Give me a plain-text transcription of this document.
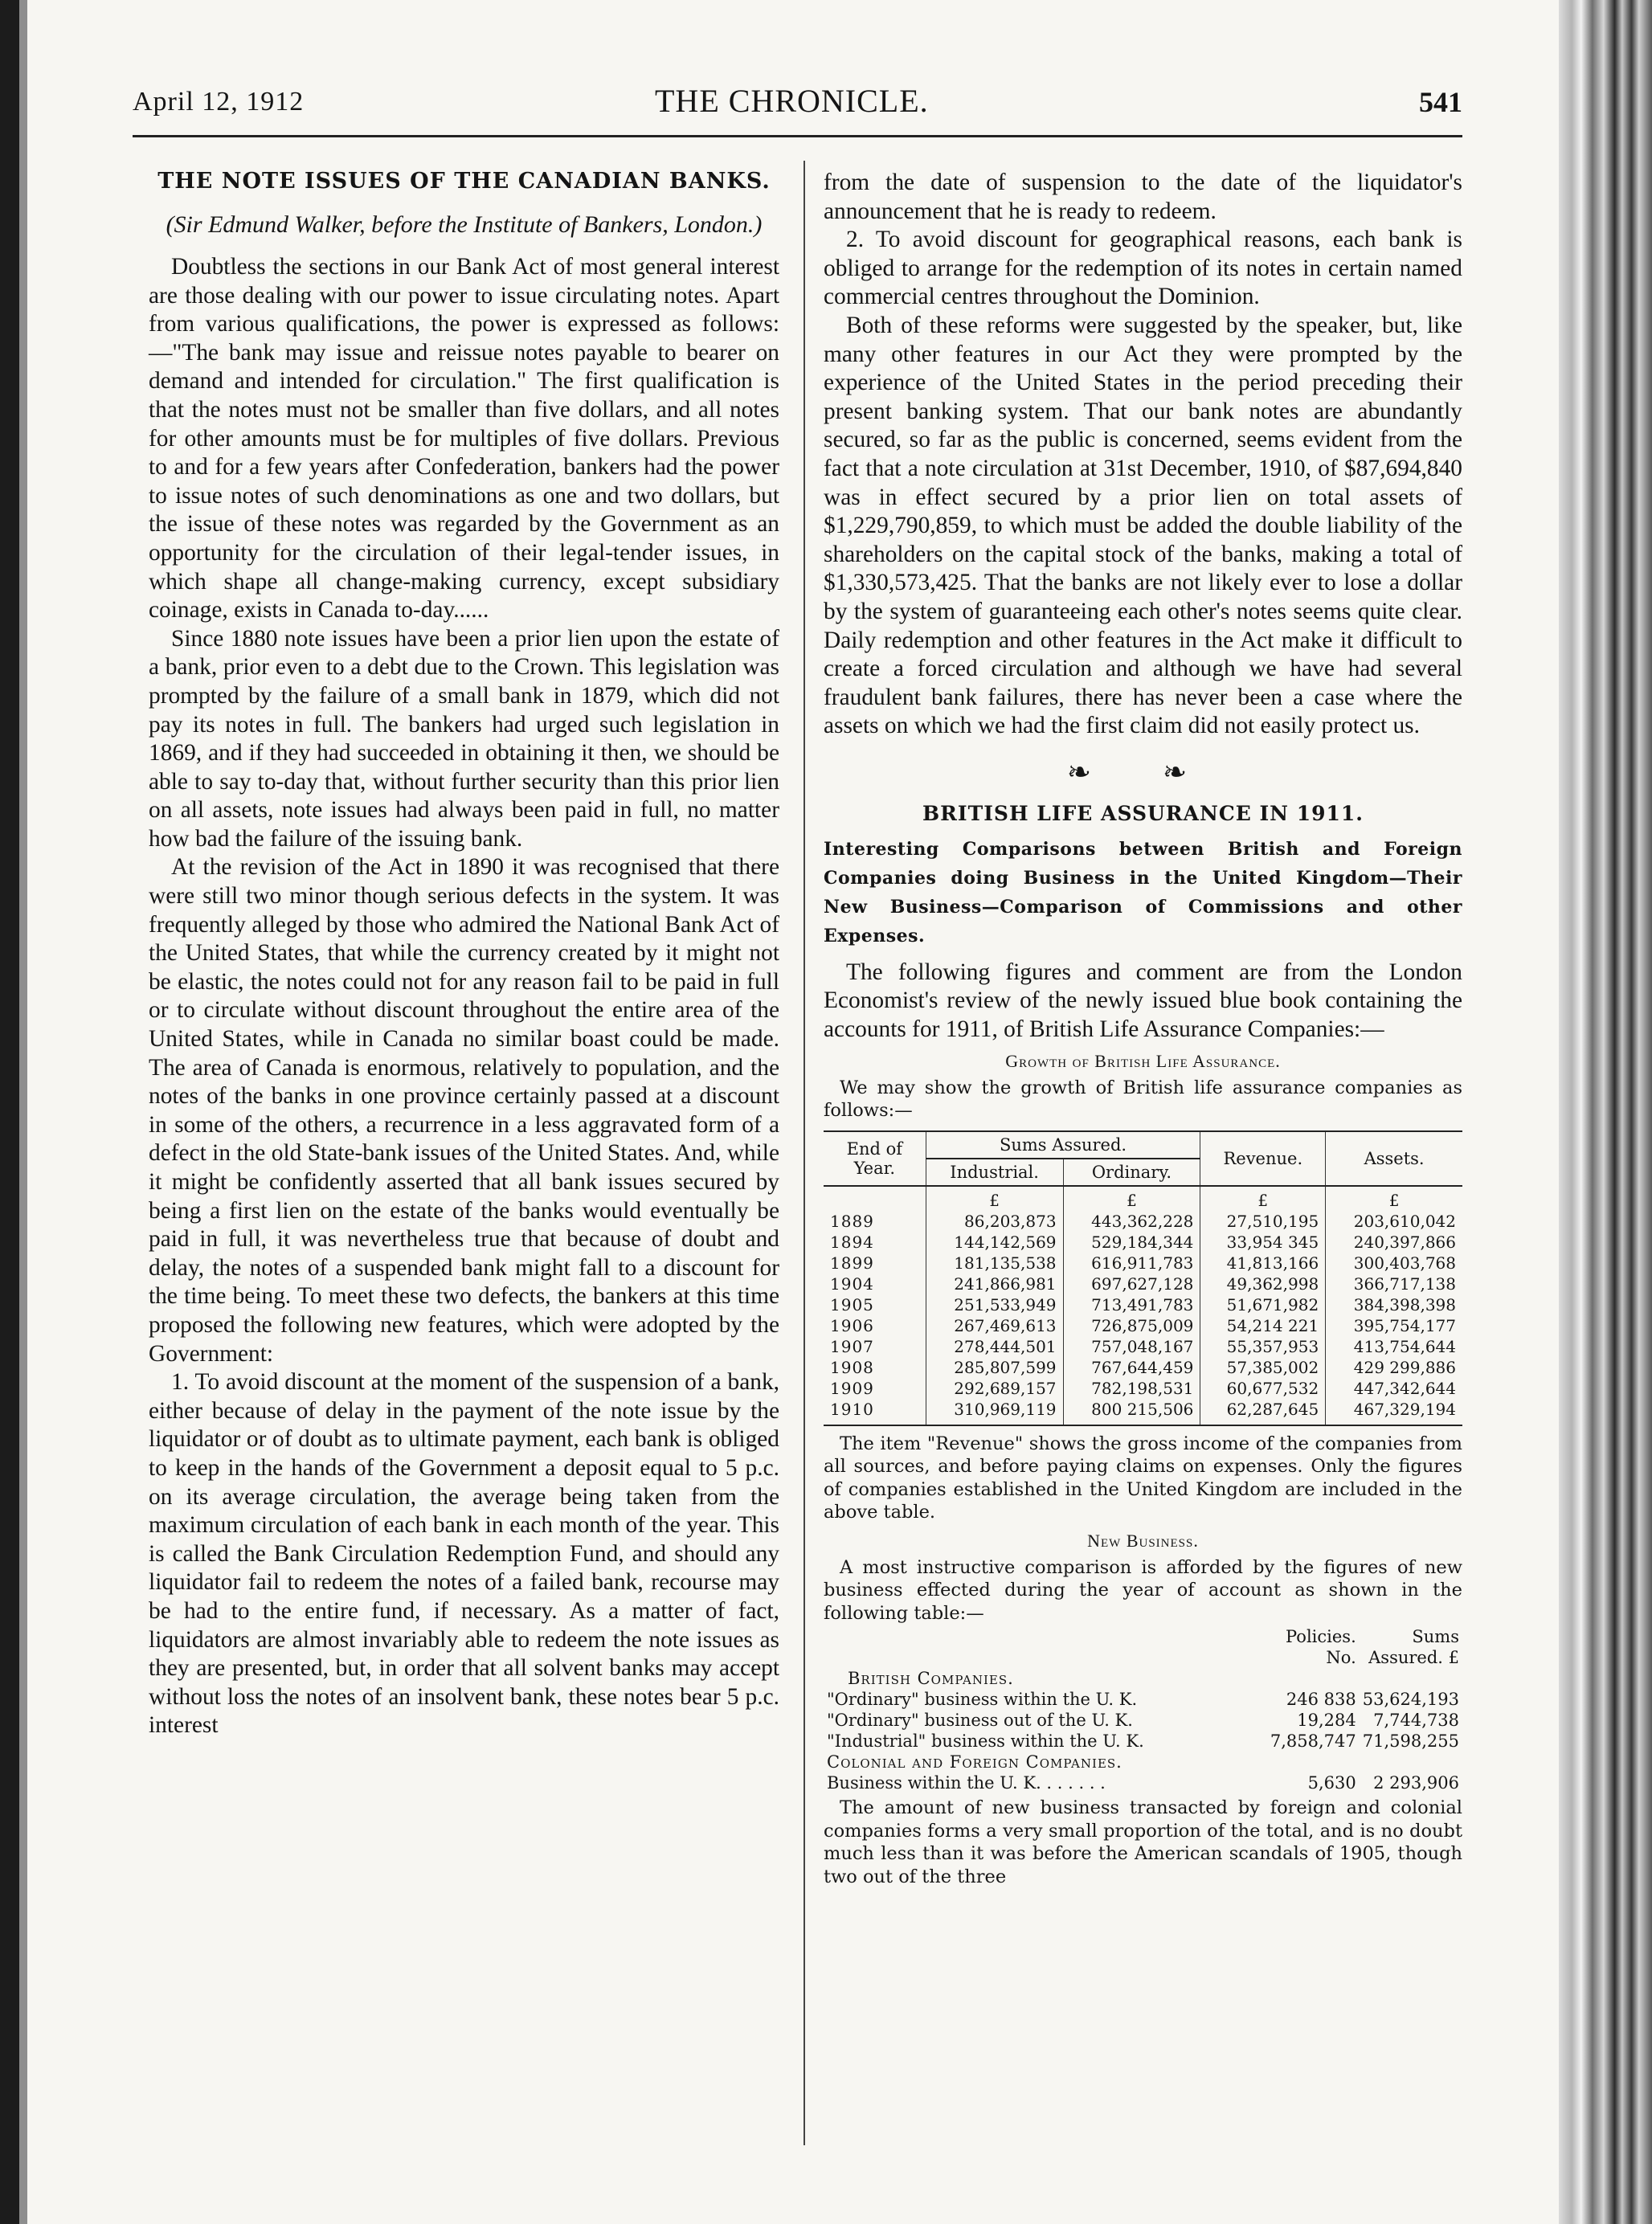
April 12, 1912	THE CHRONICLE.	541
THE NOTE ISSUES OF THE CANADIAN BANKS.
(Sir Edmund Walker, before the Institute of Bankers, London.)

Doubtless the sections in our Bank Act of most general interest are those dealing with our power to issue circulating notes. Apart from various qualifications, the power is expressed as follows:—"The bank may issue and reissue notes payable to bearer on demand and intended for circulation." The first qualification is that the notes must not be smaller than five dollars, and all notes for other amounts must be for multiples of five dollars. Previous to and for a few years after Confederation, bankers had the power to issue notes of such denominations as one and two dollars, but the issue of these notes was regarded by the Government as an opportunity for the circulation of their legal-tender issues, in which shape all change-making currency, except subsidiary coinage, exists in Canada to-day......

Since 1880 note issues have been a prior lien upon the estate of a bank, prior even to a debt due to the Crown. This legislation was prompted by the failure of a small bank in 1879, which did not pay its notes in full. The bankers had urged such legislation in 1869, and if they had succeeded in obtaining it then, we should be able to say to-day that, without further security than this prior lien on all assets, note issues had always been paid in full, no matter how bad the failure of the issuing bank.

At the revision of the Act in 1890 it was recognised that there were still two minor though serious defects in the system. It was frequently alleged by those who admired the National Bank Act of the United States, that while the currency created by it might not be elastic, the notes could not for any reason fail to be paid in full or to circulate without discount throughout the entire area of the United States, while in Canada no similar boast could be made. The area of Canada is enormous, relatively to population, and the notes of the banks in one province certainly passed at a discount in some of the others, a recurrence in a less aggravated form of a defect in the old State-bank issues of the United States. And, while it might be confidently asserted that all bank issues secured by being a first lien on the estate of the banks would eventually be paid in full, it was nevertheless true that because of doubt and delay, the notes of a suspended bank might fall to a discount for the time being. To meet these two defects, the bankers at this time proposed the following new features, which were adopted by the Government:

1. To avoid discount at the moment of the suspension of a bank, either because of delay in the payment of the note issue by the liquidator or of doubt as to ultimate payment, each bank is obliged to keep in the hands of the Government a deposit equal to 5 p.c. on its average circulation, the average being taken from the maximum circulation of each bank in each month of the year. This is called the Bank Circulation Redemption Fund, and should any liquidator fail to redeem the notes of a failed bank, recourse may be had to the entire fund, if necessary. As a matter of fact, liquidators are almost invariably able to redeem the note issues as they are presented, but, in order that all solvent banks may accept without loss the notes of an insolvent bank, these notes bear 5 p.c. interest

from the date of suspension to the date of the liquidator's announcement that he is ready to redeem.

2. To avoid discount for geographical reasons, each bank is obliged to arrange for the redemption of its notes in certain named commercial centres throughout the Dominion.

Both of these reforms were suggested by the speaker, but, like many other features in our Act they were prompted by the experience of the United States in the period preceding their present banking system. That our bank notes are abundantly secured, so far as the public is concerned, seems evident from the fact that a note circulation at 31st December, 1910, of $87,694,840 was in effect secured by a prior lien on total assets of $1,229,790,859, to which must be added the double liability of the shareholders on the capital stock of the banks, making a total of $1,330,573,425. That the banks are not likely ever to lose a dollar by the system of guaranteeing each other's notes seems quite clear. Daily redemption and other features in the Act make it difficult to create a forced circulation and although we have had several fraudulent bank failures, there has never been a case where the assets on which we had the first claim did not easily protect us.

❧ ❧
BRITISH LIFE ASSURANCE IN 1911.
Interesting Comparisons between British and Foreign Companies doing Business in the United Kingdom—Their New Business—Comparison of Commissions and other Expenses.

The following figures and comment are from the London Economist's review of the newly issued blue book containing the accounts for 1911, of British Life Assurance Companies:—

Growth of British Life Assurance.

We may show the growth of British life assurance companies as follows:—

End of Year.	Sums Assured.		Revenue.	Assets.
	Industrial.	Ordinary.		
	£	£	£	£
1889	86,203,873	443,362,228	27,510,195	203,610,042
1894	144,142,569	529,184,344	33,954 345	240,397,866
1899	181,135,538	616,911,783	41,813,166	300,403,768
1904	241,866,981	697,627,128	49,362,998	366,717,138
1905	251,533,949	713,491,783	51,671,982	384,398,398
1906	267,469,613	726,875,009	54,214 221	395,754,177
1907	278,444,501	757,048,167	55,357,953	413,754,644
1908	285,807,599	767,644,459	57,385,002	429 299,886
1909	292,689,157	782,198,531	60,677,532	447,342,644
1910	310,969,119	800 215,506	62,287,645	467,329,194

The item "Revenue" shows the gross income of the companies from all sources, and before paying claims on expenses. Only the figures of companies established in the United Kingdom are included in the above table.

New Business.

A most instructive comparison is afforded by the figures of new business effected during the year of account as shown in the following table:—

	Policies. No.	Sums Assured. £
British Companies.		
"Ordinary" business within the U. K.	246 838	53,624,193
"Ordinary" business out of the U. K.	19,284	7,744,738
"Industrial" business within the U. K.	7,858,747	71,598,255
Colonial and Foreign Companies.		
Business within the U. K. . . . . . .	5,630	2 293,906

The amount of new business transacted by foreign and colonial companies forms a very small proportion of the total, and is no doubt much less than it was before the American scandals of 1905, though two out of the three
